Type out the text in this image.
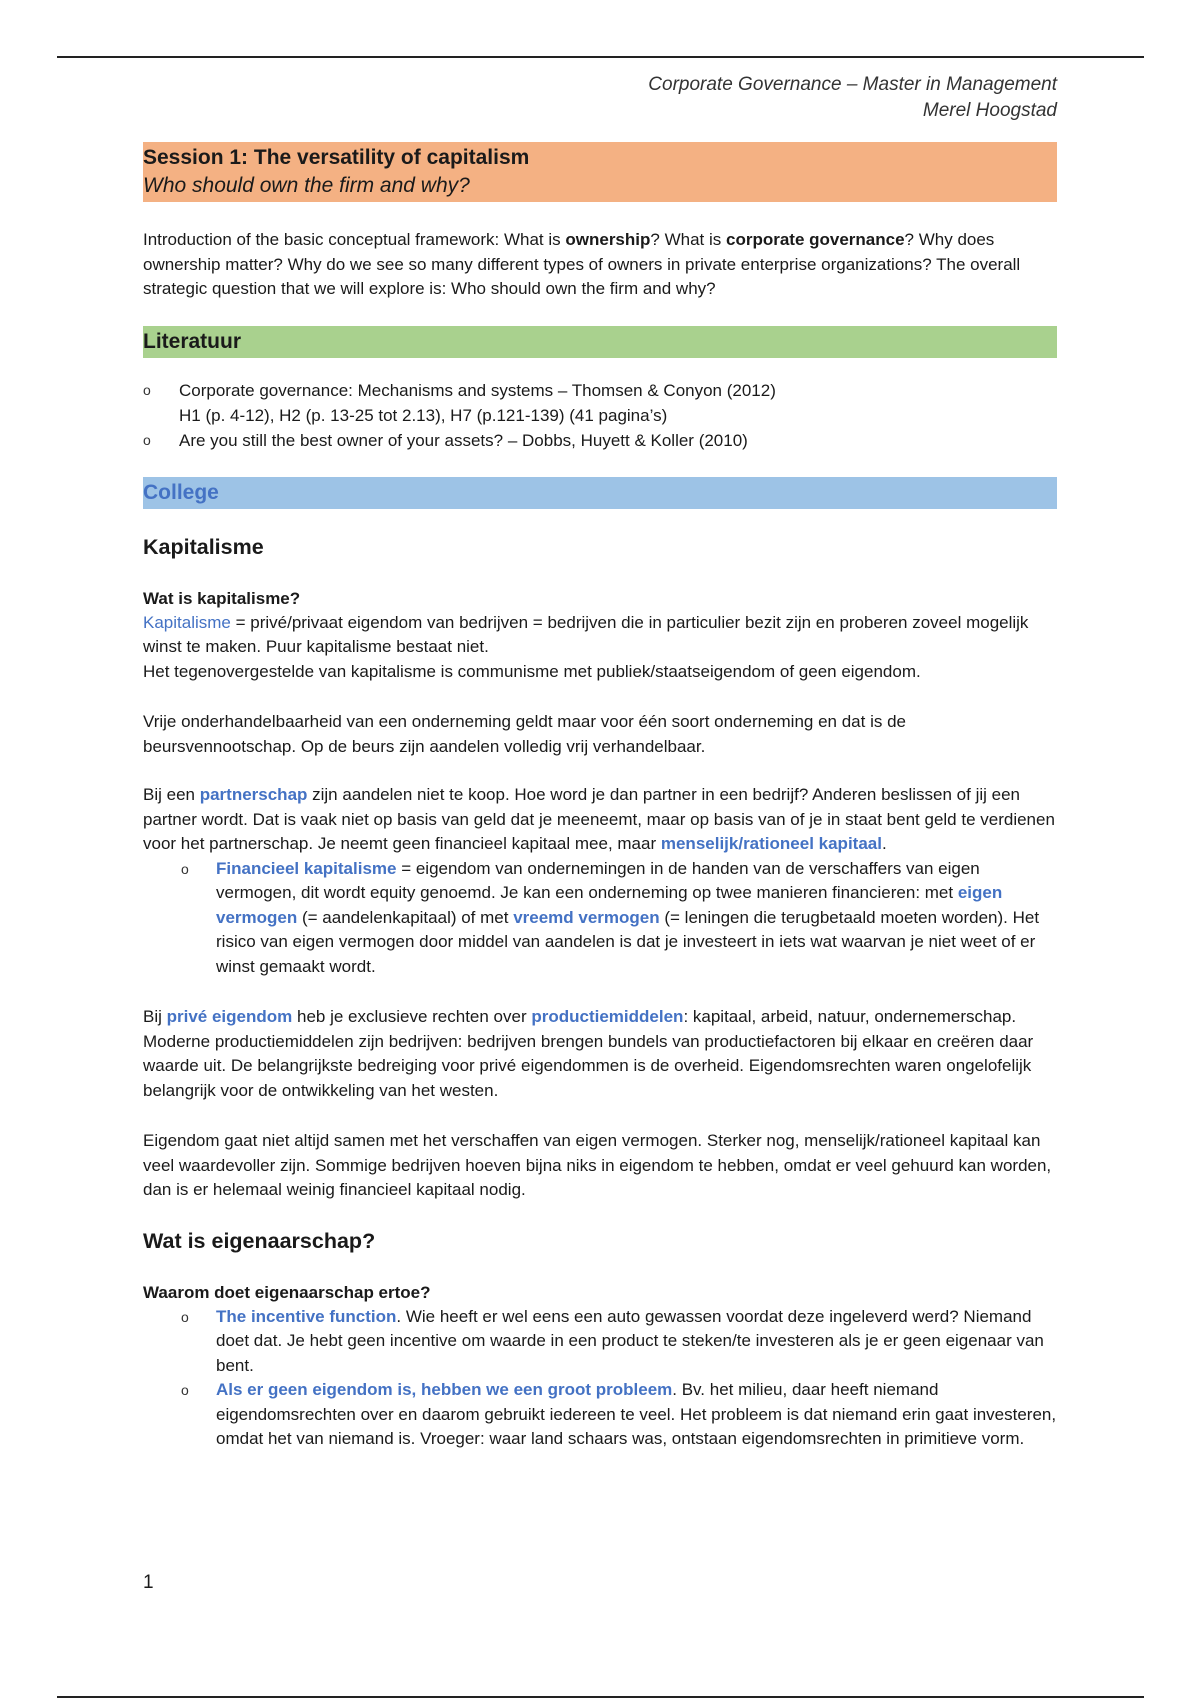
Corporate Governance – Master in Management
Merel Hoogstad
Session 1: The versatility of capitalism
Who should own the firm and why?

Introduction of the basic conceptual framework: What is ownership? What is corporate governance? Why does ownership matter? Why do we see so many different types of owners in private enterprise organizations? The overall strategic question that we will explore is: Who should own the firm and why?

Literatuur
o Corporate governance: Mechanisms and systems – Thomsen & Conyon (2012)
H1 (p. 4-12), H2 (p. 13-25 tot 2.13), H7 (p.121-139) (41 pagina’s)
o Are you still the best owner of your assets? – Dobbs, Huyett & Koller (2010)
College
Kapitalisme
Wat is kapitalisme?

Kapitalisme = privé/privaat eigendom van bedrijven = bedrijven die in particulier bezit zijn en proberen zoveel mogelijk winst te maken. Puur kapitalisme bestaat niet.
Het tegenovergestelde van kapitalisme is communisme met publiek/staatseigendom of geen eigendom.

Vrije onderhandelbaarheid van een onderneming geldt maar voor één soort onderneming en dat is de beursvennootschap. Op de beurs zijn aandelen volledig vrij verhandelbaar.

Bij een partnerschap zijn aandelen niet te koop. Hoe word je dan partner in een bedrijf? Anderen beslissen of jij een partner wordt. Dat is vaak niet op basis van geld dat je meeneemt, maar op basis van of je in staat bent geld te verdienen voor het partnerschap. Je neemt geen financieel kapitaal mee, maar menselijk/rationeel kapitaal.

o Financieel kapitalisme = eigendom van ondernemingen in de handen van de verschaffers van eigen vermogen, dit wordt equity genoemd. Je kan een onderneming op twee manieren financieren: met eigen vermogen (= aandelenkapitaal) of met vreemd vermogen (= leningen die terugbetaald moeten worden). Het risico van eigen vermogen door middel van aandelen is dat je investeert in iets wat waarvan je niet weet of er winst gemaakt wordt.

Bij privé eigendom heb je exclusieve rechten over productiemiddelen: kapitaal, arbeid, natuur, ondernemerschap. Moderne productiemiddelen zijn bedrijven: bedrijven brengen bundels van productiefactoren bij elkaar en creëren daar waarde uit. De belangrijkste bedreiging voor privé eigendommen is de overheid. Eigendomsrechten waren ongelofelijk belangrijk voor de ontwikkeling van het westen.

Eigendom gaat niet altijd samen met het verschaffen van eigen vermogen. Sterker nog, menselijk/rationeel kapitaal kan veel waardevoller zijn. Sommige bedrijven hoeven bijna niks in eigendom te hebben, omdat er veel gehuurd kan worden, dan is er helemaal weinig financieel kapitaal nodig.

Wat is eigenaarschap?
Waarom doet eigenaarschap ertoe?
o The incentive function. Wie heeft er wel eens een auto gewassen voordat deze ingeleverd werd? Niemand doet dat. Je hebt geen incentive om waarde in een product te steken/te investeren als je er geen eigenaar van bent.
o Als er geen eigendom is, hebben we een groot probleem. Bv. het milieu, daar heeft niemand eigendomsrechten over en daarom gebruikt iedereen te veel. Het probleem is dat niemand erin gaat investeren, omdat het van niemand is. Vroeger: waar land schaars was, ontstaan eigendomsrechten in primitieve vorm.
1
